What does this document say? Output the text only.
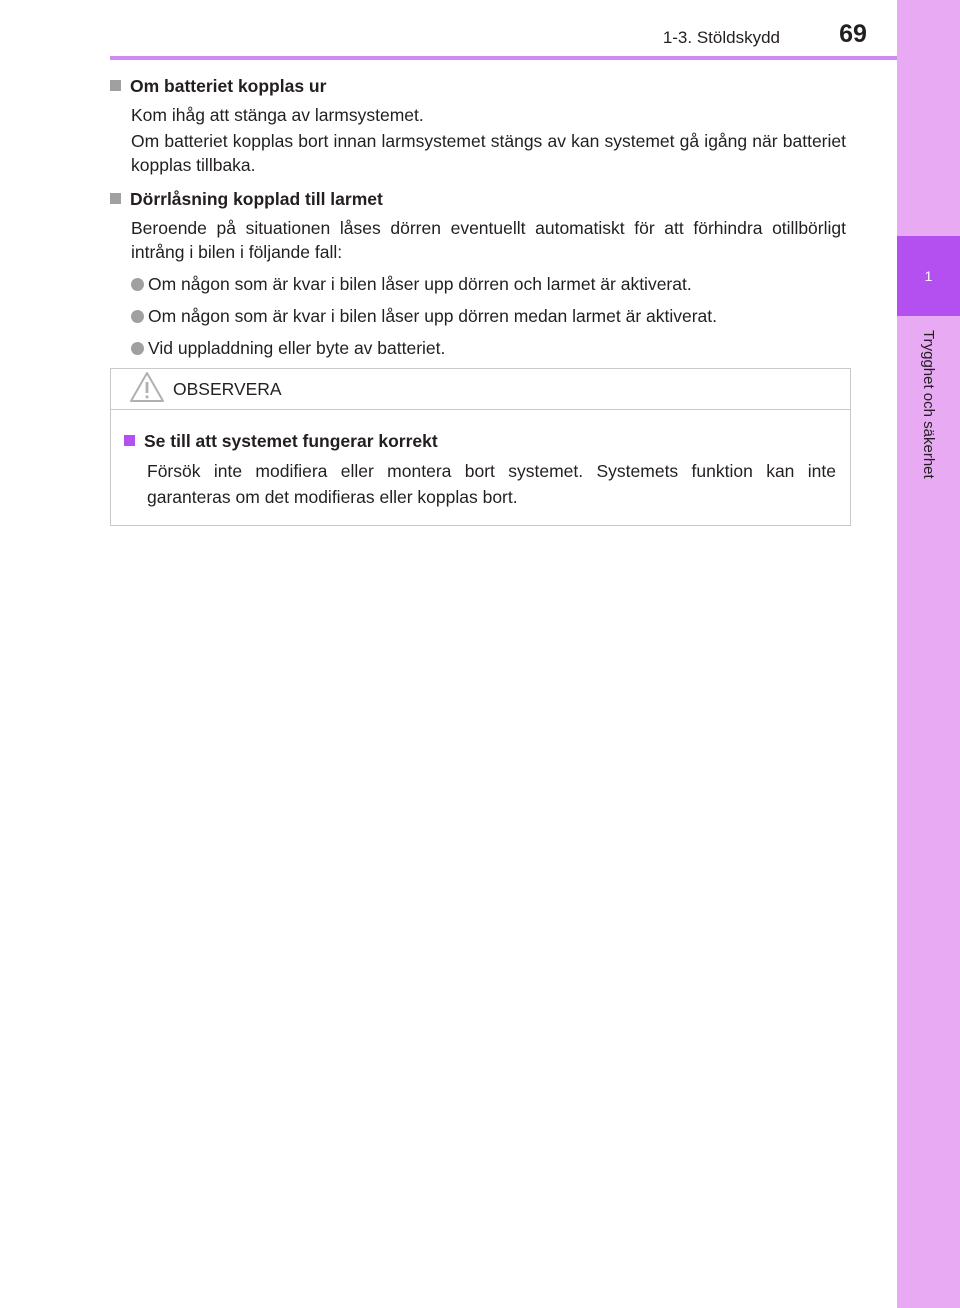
1
Trygghet och säkerhet
1-3. Stöldskydd	69
Om batteriet kopplas ur
Kom ihåg att stänga av larmsystemet.
Om batteriet kopplas bort innan larmsystemet stängs av kan systemet gå igång när batteriet kopplas tillbaka.
Dörrlåsning kopplad till larmet
Beroende på situationen låses dörren eventuellt automatiskt för att förhindra otillbörligt intrång i bilen i följande fall:
Om någon som är kvar i bilen låser upp dörren och larmet är aktiverat.
Om någon som är kvar i bilen låser upp dörren medan larmet är aktiverat.
Vid uppladdning eller byte av batteriet.
OBSERVERA
Se till att systemet fungerar korrekt
Försök inte modifiera eller montera bort systemet. Systemets funktion kan inte garanteras om det modifieras eller kopplas bort.
